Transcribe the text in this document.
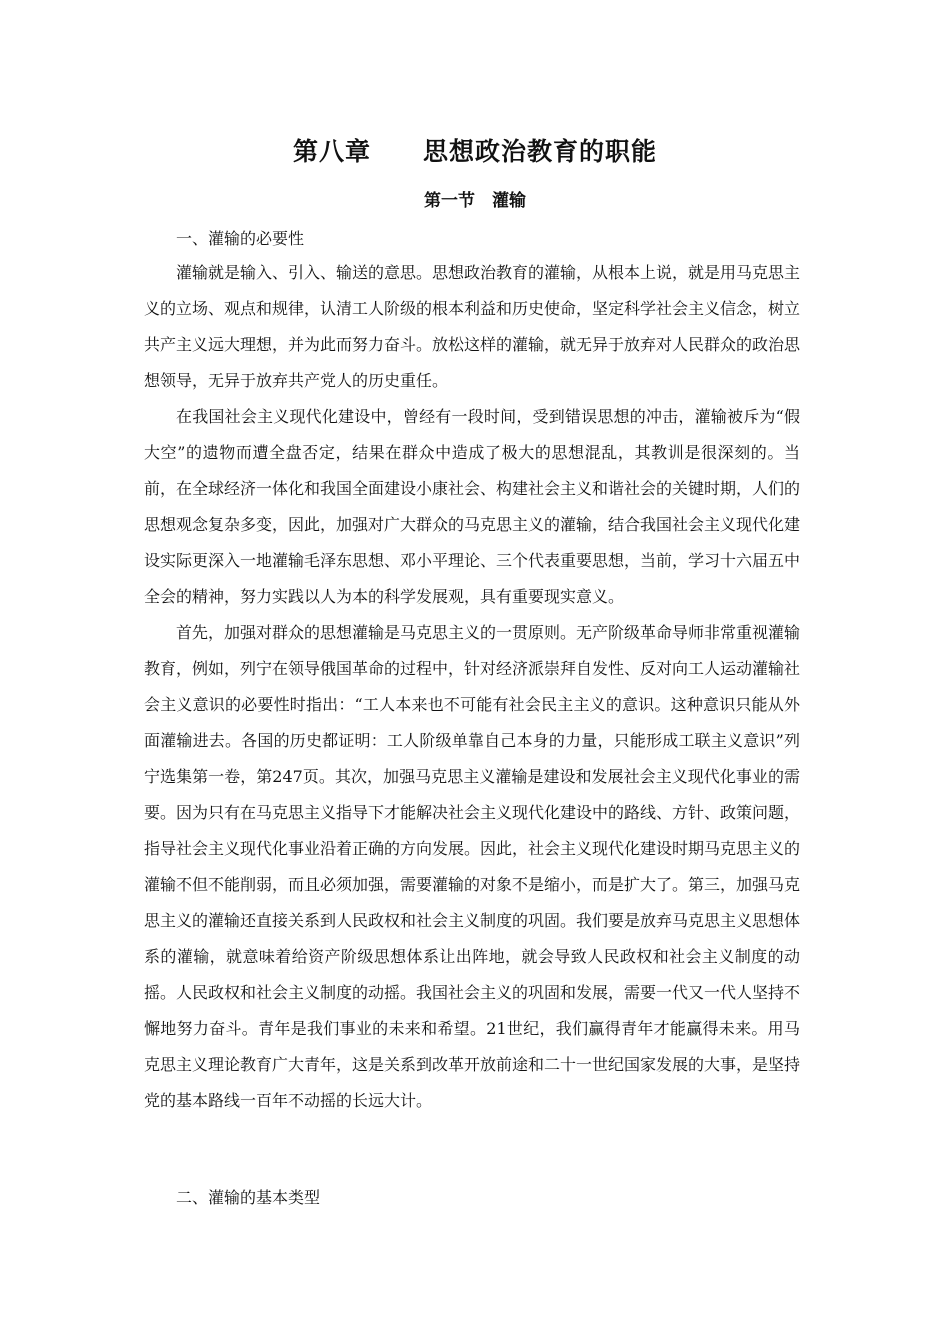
第八章　　思想政治教育的职能
第一节　灌输
一、灌输的必要性

灌输就是输入、引入、输送的意思。思想政治教育的灌输，从根本上说，就是用马克思主义的立场、观点和规律，认清工人阶级的根本利益和历史使命，坚定科学社会主义信念，树立共产主义远大理想，并为此而努力奋斗。放松这样的灌输，就无异于放弃对人民群众的政治思想领导，无异于放弃共产党人的历史重任。

在我国社会主义现代化建设中，曾经有一段时间，受到错误思想的冲击，灌输被斥为“假大空”的遗物而遭全盘否定，结果在群众中造成了极大的思想混乱，其教训是很深刻的。当前，在全球经济一体化和我国全面建设小康社会、构建社会主义和谐社会的关键时期，人们的思想观念复杂多变，因此，加强对广大群众的马克思主义的灌输，结合我国社会主义现代化建设实际更深入一地灌输毛泽东思想、邓小平理论、三个代表重要思想，当前，学习十六届五中全会的精神，努力实践以人为本的科学发展观，具有重要现实意义。

首先，加强对群众的思想灌输是马克思主义的一贯原则。无产阶级革命导师非常重视灌输教育，例如，列宁在领导俄国革命的过程中，针对经济派崇拜自发性、反对向工人运动灌输社会主义意识的必要性时指出：“工人本来也不可能有社会民主主义的意识。这种意识只能从外面灌输进去。各国的历史都证明：工人阶级单靠自己本身的力量，只能形成工联主义意识”列宁选集第一卷，第247页。其次，加强马克思主义灌输是建设和发展社会主义现代化事业的需要。因为只有在马克思主义指导下才能解决社会主义现代化建设中的路线、方针、政策问题，指导社会主义现代化事业沿着正确的方向发展。因此，社会主义现代化建设时期马克思主义的灌输不但不能削弱，而且必须加强，需要灌输的对象不是缩小，而是扩大了。第三，加强马克思主义的灌输还直接关系到人民政权和社会主义制度的巩固。我们要是放弃马克思主义思想体系的灌输，就意味着给资产阶级思想体系让出阵地，就会导致人民政权和社会主义制度的动摇。人民政权和社会主义制度的动摇。我国社会主义的巩固和发展，需要一代又一代人坚持不懈地努力奋斗。青年是我们事业的未来和希望。21世纪，我们赢得青年才能赢得未来。用马克思主义理论教育广大青年，这是关系到改革开放前途和二十一世纪国家发展的大事，是坚持党的基本路线一百年不动摇的长远大计。

二、灌输的基本类型
